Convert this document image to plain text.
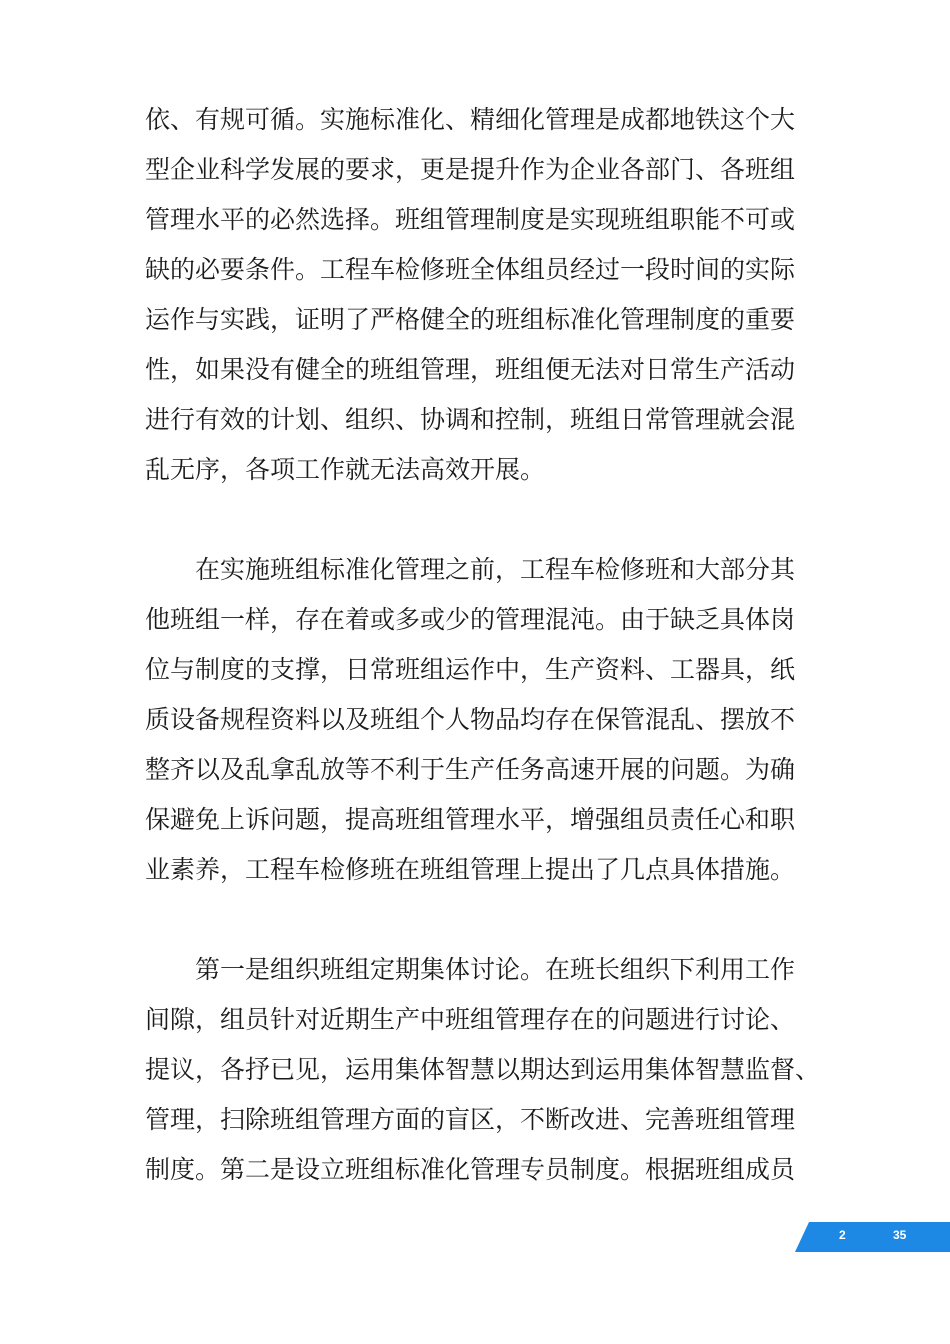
依、有规可循。实施标准化、精细化管理是成都地铁这个大
型企业科学发展的要求，更是提升作为企业各部门、各班组
管理水平的必然选择。班组管理制度是实现班组职能不可或
缺的必要条件。工程车检修班全体组员经过一段时间的实际
运作与实践，证明了严格健全的班组标准化管理制度的重要
性，如果没有健全的班组管理，班组便无法对日常生产活动
进行有效的计划、组织、协调和控制，班组日常管理就会混
乱无序，各项工作就无法高效开展。
　　在实施班组标准化管理之前，工程车检修班和大部分其
他班组一样，存在着或多或少的管理混沌。由于缺乏具体岗
位与制度的支撑，日常班组运作中，生产资料、工器具，纸
质设备规程资料以及班组个人物品均存在保管混乱、摆放不
整齐以及乱拿乱放等不利于生产任务高速开展的问题。为确
保避免上诉问题，提高班组管理水平，增强组员责任心和职
业素养，工程车检修班在班组管理上提出了几点具体措施。
　　第一是组织班组定期集体讨论。在班长组织下利用工作
间隙，组员针对近期生产中班组管理存在的问题进行讨论、
提议，各抒已见，运用集体智慧以期达到运用集体智慧监督、
管理，扫除班组管理方面的盲区，不断改进、完善班组管理
制度。第二是设立班组标准化管理专员制度。根据班组成员
2	35
